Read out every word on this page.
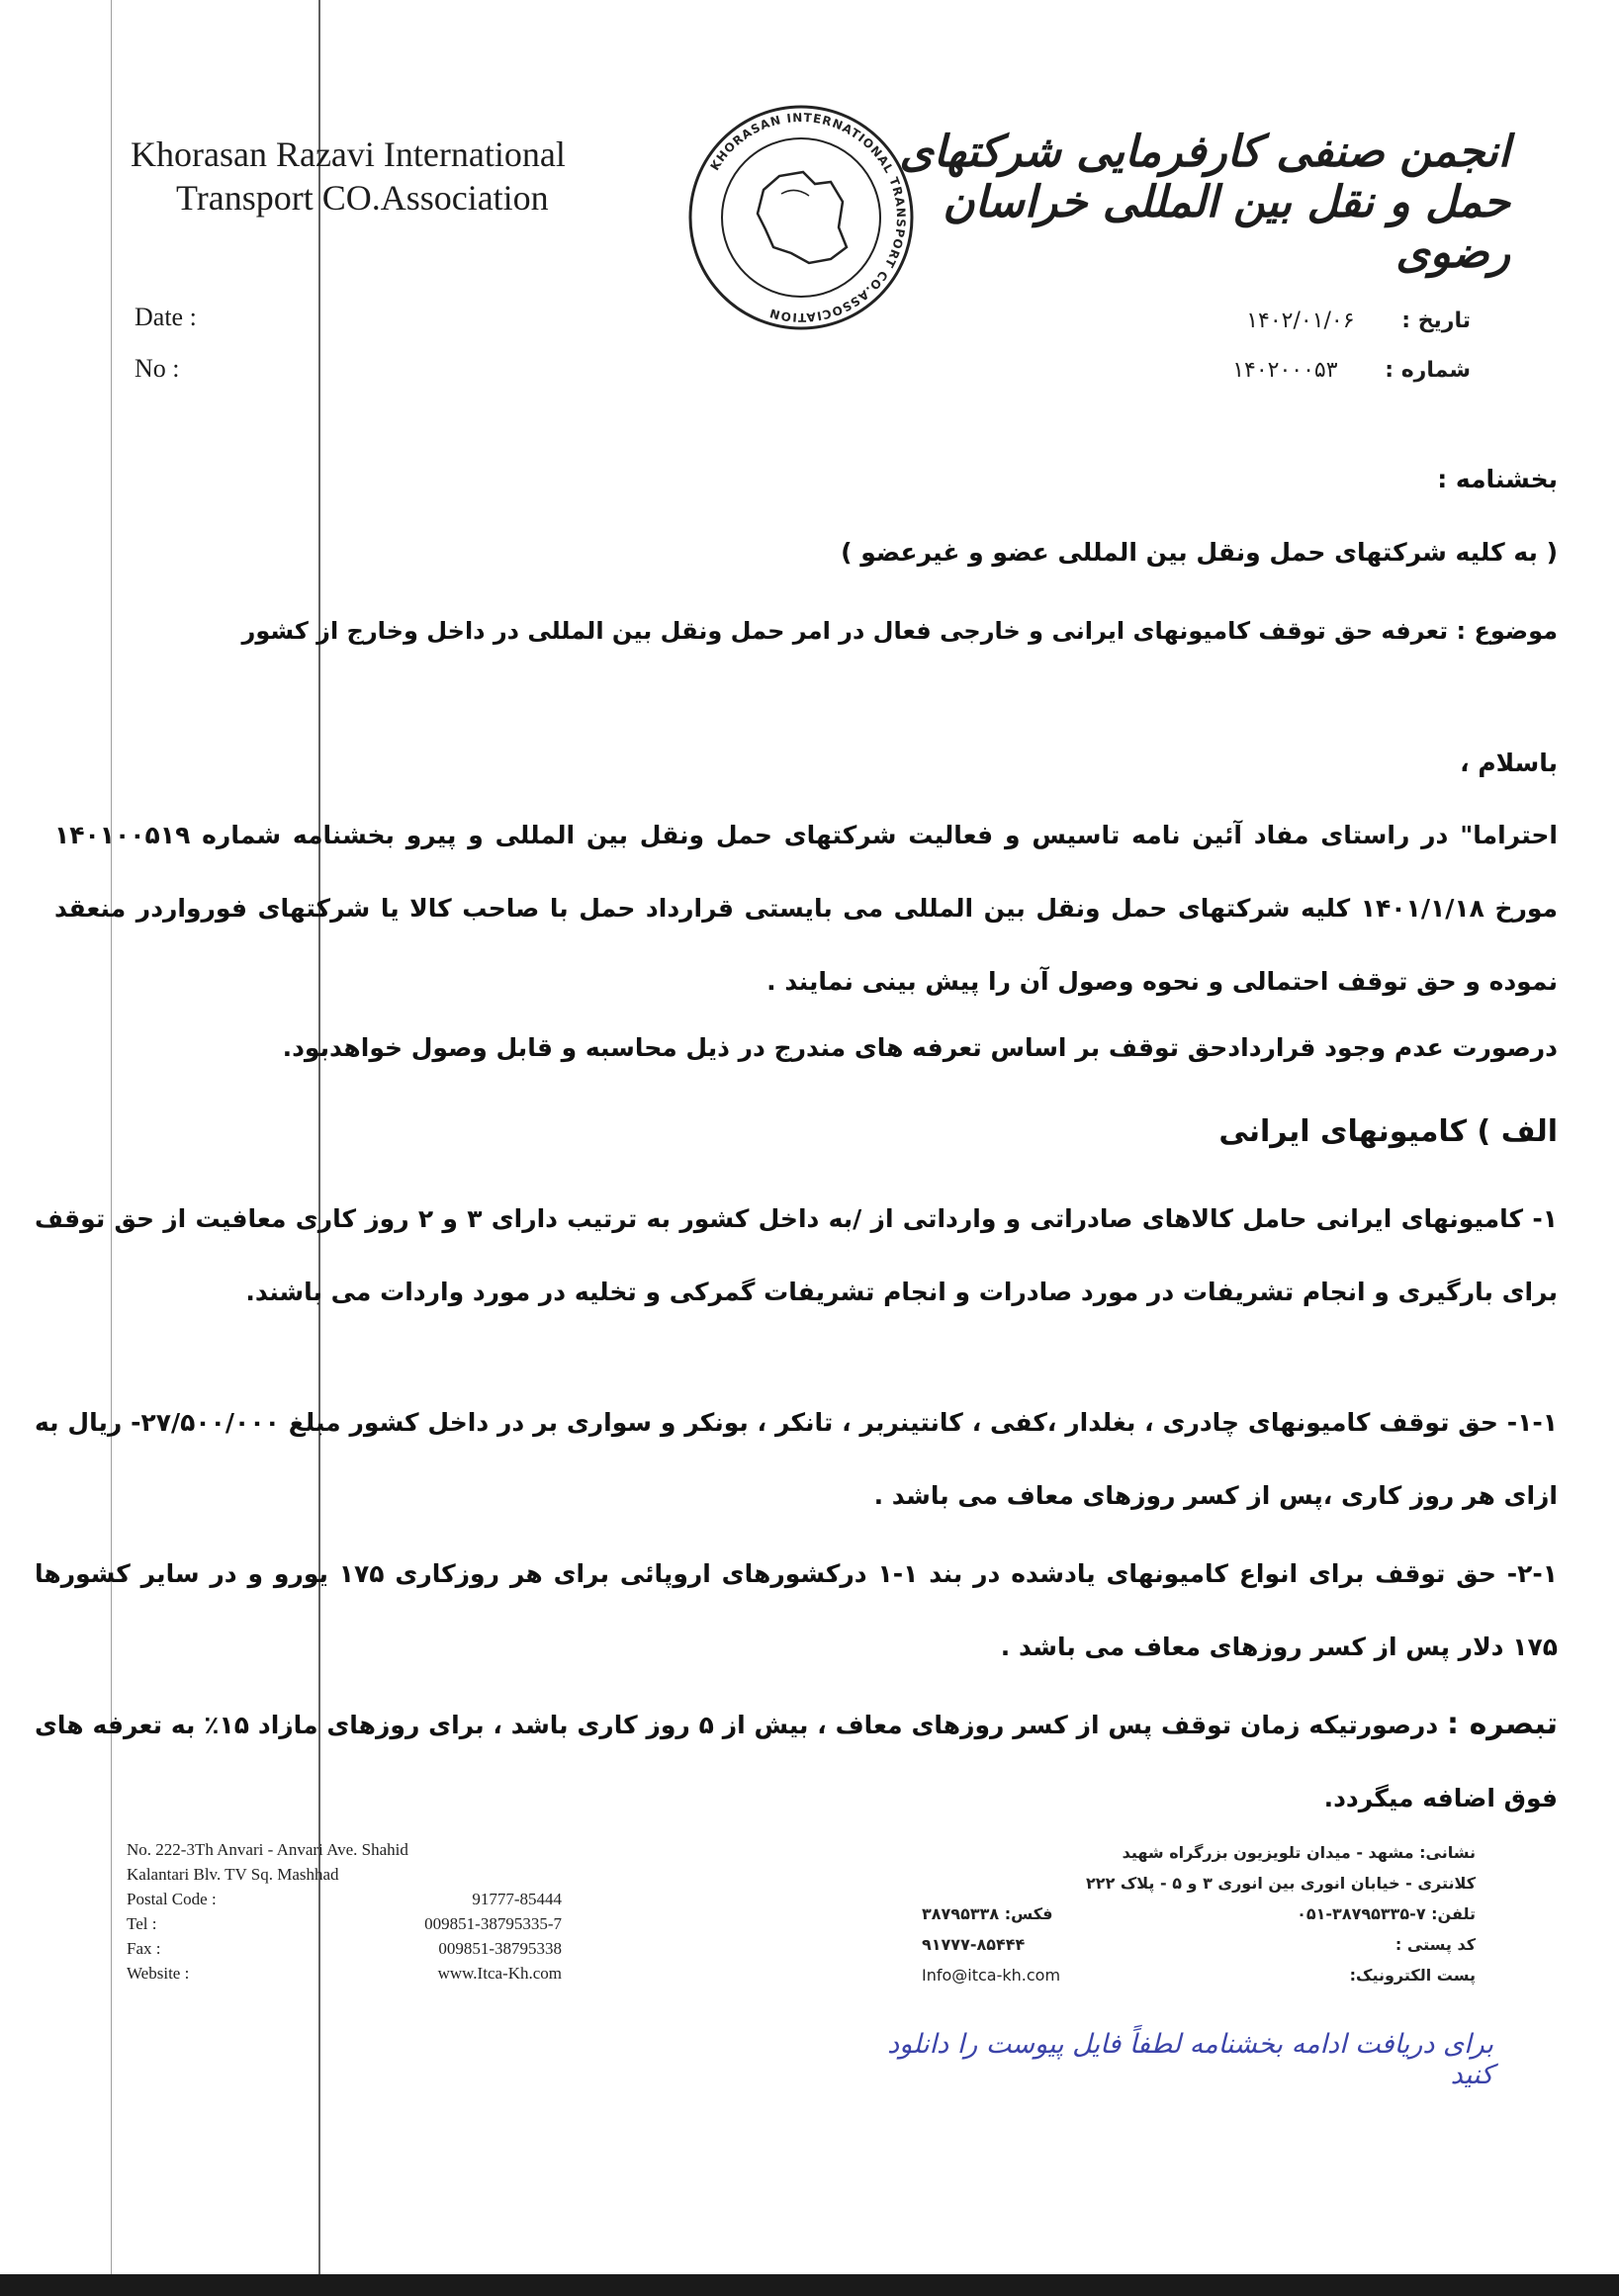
Khorasan Razavi International
Transport CO.Association
KHORASAN INTERNATIONAL TRANSPORT CO.ASSOCIATION
انجمن صنفی کارفرمایی شرکتهای حمل و نقل بین المللی خراسان رضوی
Date :
No :
تاریخ : ۱۴۰۲/۰۱/۰۶
شماره : ۱۴۰۲۰۰۰۵۳
بخشنامه :
( به کلیه شرکتهای حمل ونقل بین المللی عضو و غیرعضو )
موضوع : تعرفه حق توقف کامیونهای ایرانی و خارجی فعال در امر حمل ونقل بین المللی در داخل وخارج از کشور
باسلام ،
احتراما" در راستای مفاد آئین نامه تاسیس و فعالیت شرکتهای حمل ونقل بین المللی و پیرو بخشنامه شماره ۱۴۰۱۰۰۵۱۹ مورخ ۱۴۰۱/۱/۱۸ کلیه شرکتهای حمل ونقل بین المللی می بایستی قرارداد حمل با صاحب کالا یا شرکتهای فورواردر منعقد نموده و حق توقف احتمالی و نحوه وصول آن را پیش بینی نمایند .
درصورت عدم وجود قراردادحق توقف بر اساس تعرفه های مندرج در ذیل محاسبه و قابل وصول خواهدبود.
الف ) کامیونهای ایرانی
۱- کامیونهای ایرانی حامل کالاهای صادراتی و وارداتی از /به داخل کشور به ترتیب دارای ۳ و ۲ روز کاری معافیت از حق توقف برای بارگیری و انجام تشریفات در مورد صادرات و انجام تشریفات گمرکی و تخلیه در مورد واردات می باشند.
۱-۱- حق توقف کامیونهای چادری ، بغلدار ،کفی ، کانتینربر ، تانکر ، بونکر و سواری بر در داخل کشور مبلغ ۲۷/۵۰۰/۰۰۰- ریال به ازای هر روز کاری ،پس از کسر روزهای معاف می باشد .
۲-۱- حق توقف برای انواع کامیونهای یادشده در بند ۱-۱ درکشورهای اروپائی برای هر روزکاری ۱۷۵ یورو و در سایر کشورها ۱۷۵ دلار پس از کسر روزهای معاف می باشد .
تبصره : درصورتیکه زمان توقف پس از کسر روزهای معاف ، بیش از ۵ روز کاری باشد ، برای روزهای مازاد ۱۵٪ به تعرفه های فوق اضافه میگردد.
No. 222-3Th Anvari - Anvari Ave. Shahid
Kalantari Blv. TV Sq. Mashhad
Postal Code :	91777-85444
Tel :	009851-38795335-7
Fax :	009851-38795338
Website :	www.Itca-Kh.com
نشانی: مشهد - میدان تلویزیون بزرگراه شهید
کلانتری - خیابان انوری بین انوری ۳ و ۵ - پلاک ۲۲۲
تلفن: ۷-۳۸۷۹۵۳۳۵-۰۵۱
فکس: ۳۸۷۹۵۳۳۸
کد پستی :
۹۱۷۷۷-۸۵۴۴۴
پست الکترونیک:
Info@itca-kh.com
برای دریافت ادامه بخشنامه لطفاً فایل پیوست را دانلود کنید
